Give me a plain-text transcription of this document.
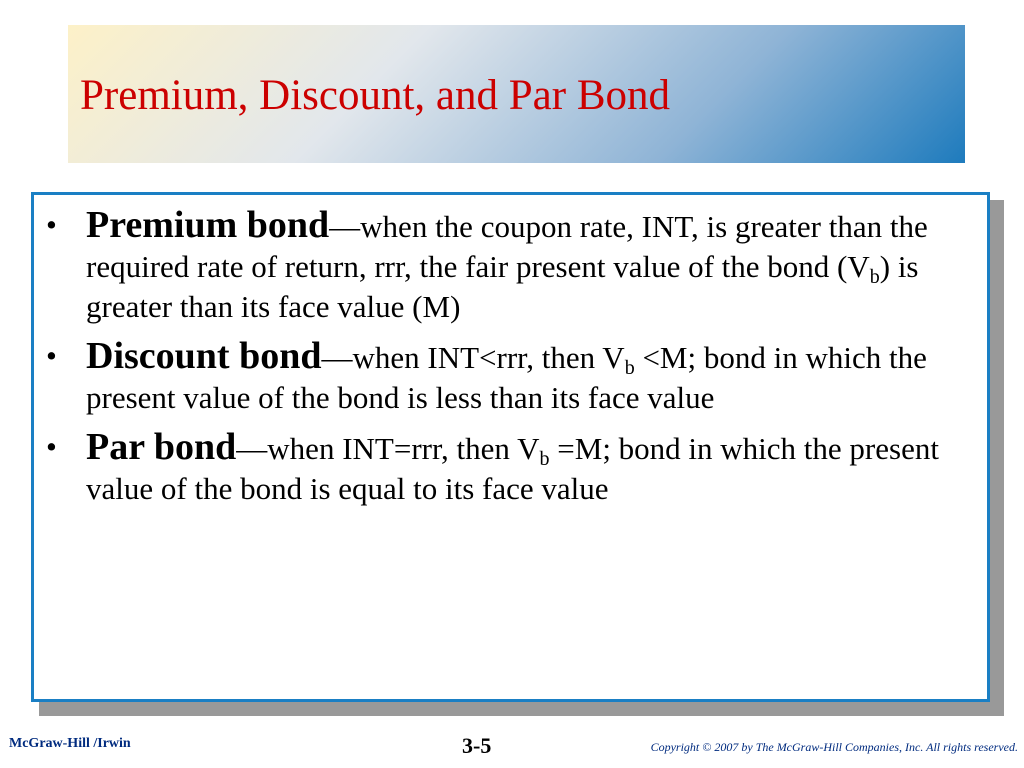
Premium, Discount, and Par Bond
• Premium bond—when the coupon rate, INT, is greater than the required rate of return, rrr, the fair present value of the bond $(V_b)$ is greater than its face value (M)
• Discount bond—when INT<rrr, then $V_b <M$; bond in which the present value of the bond is less than its face value
• Par bond—when INT=rrr, then $V_b =M$; bond in which the present value of the bond is equal to its face value
McGraw-Hill /Irwin	3-5	Copyright © 2007 by The McGraw-Hill Companies, Inc. All rights reserved.
